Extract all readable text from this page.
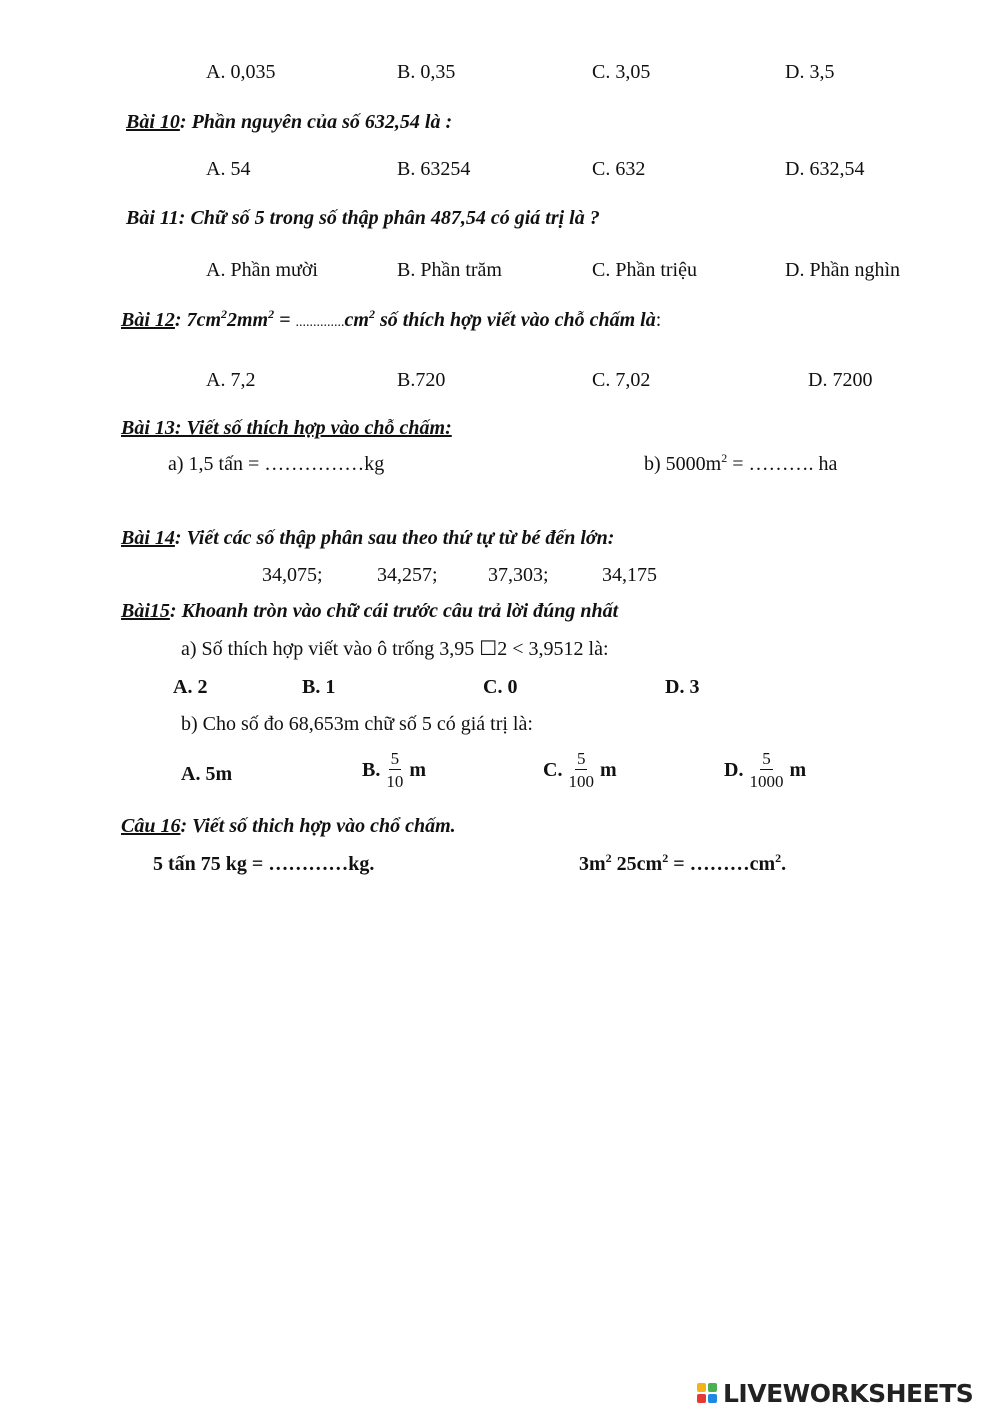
A. 0,035	B. 0,35	C. 3,05	D. 3,5
Bài 10: Phần nguyên của số 632,54 là :
A. 54	B. 63254	C. 632	D. 632,54
Bài 11: Chữ số 5 trong số thập phân 487,54 có giá trị là ?
A. Phần mười	B. Phần trăm	C. Phần triệu	D. Phần nghìn
Bài 12: $7cm^22mm^2 = ..............cm^2$ số thích hợp viết vào chỗ chấm là:
A. 7,2	B.720	C. 7,02	D. 7200
Bài 13: Viết số thích hợp vào chỗ chấm:
a) 1,5 tấn = ……………kg	b) $5000m^2$ = ………. ha
Bài 14: Viết các số thập phân sau theo thứ tự từ bé đến lớn:
34,075;	34,257;	37,303;	34,175
Bài15: Khoanh tròn vào chữ cái trước câu trả lời đúng nhất
a) Số thích hợp viết vào ô trống 3,95 ☐2 < 3,9512 là:
A. 2	B. 1	C. 0	D. 3
b) Cho số đo 68,653m chữ số 5 có giá trị là:
A. 5m	B. $\frac{5}{10}$ m	C. $\frac{5}{100}$ m	D. $\frac{5}{1000}$ m
Câu 16: Viết số thich hợp vào chổ chấm.
5 tấn 75 kg = …………kg.	$3m^2$ $25cm^2$ = $\dots\dots\dots cm^2$.
LIVEWORKSHEETS
